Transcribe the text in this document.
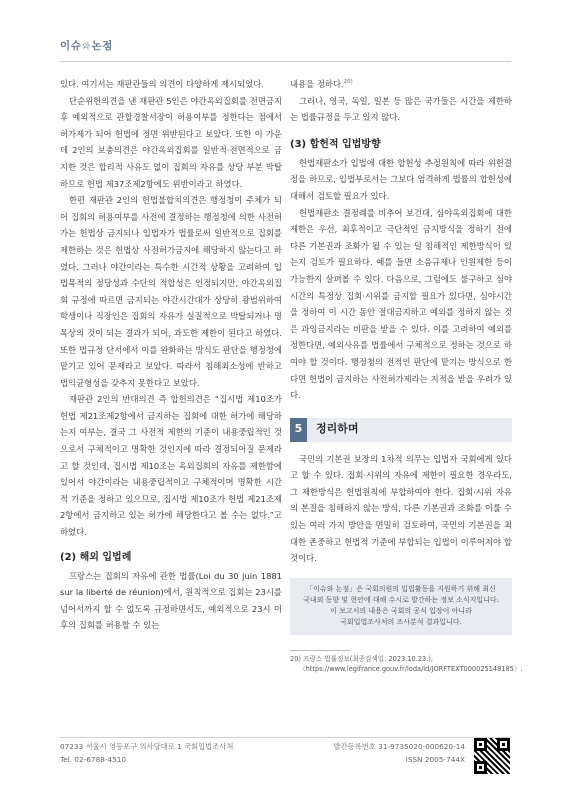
이슈와논점

있다. 여기서는 재판관들의 의견이 다양하게 제시되었다.

단순위헌의견을 낸 재판관 5인은 야간옥외집회를 전면금지 후 예외적으로 관할경찰서장이 허용여부를 정한다는 점에서 허가제가 되어 헌법에 정면 위반된다고 보았다. 또한 이 가운데 2인의 보충의견은 야간옥외집회를 일반적·전면적으로 금지한 것은 합리적 사유도 없이 집회의 자유를 상당 부분 박탈하므로 헌법 제37조제2항에도 위반이라고 하였다.

한편 재판관 2인의 헌법불합치의견은 행정청이 주체가 되어 집회의 허용여부를 사전에 결정하는 행정청에 의한 사전허가는 헌법상 금지되나 입법자가 법률로써 일반적으로 집회를 제한하는 것은 헌법상 사전허가금지에 해당하지 않는다고 하였다. 그러나 야간이라는 특수한 시간적 상황을 고려하여 입법목적의 정당성과 수단의 적합성은 인정되지만, 야간옥외집회 규정에 따르면 금지되는 야간시간대가 상당히 광범위하여 학생이나 직장인은 집회의 자유가 실질적으로 박탈되거나 명목상의 것이 되는 결과가 되어, 과도한 제한이 된다고 하였다. 또한 법규정 단서에서 이를 완화하는 방식도 판단을 행정청에 맡기고 있어 문제라고 보았다. 따라서 침해최소성에 반하고 법익균형성을 갖추지 못한다고 보았다.

재판관 2인의 반대의견 즉 합헌의견은 “집시법 제10조가 헌법 제21조제2항에서 금지하는 집회에 대한 허가에 해당하는지 여부는, 결국 그 사전적 제한의 기준이 내용중립적인 것으로서 구체적이고 명확한 것인지에 따라 결정되어질 문제라고 할 것인데, 집시법 제10조는 옥외집회의 자유를 제한함에 있어서 야간이라는 내용중립적이고 구체적이며 명확한 시간적 기준을 정하고 있으므로, 집시법 제10조가 헌법 제21조제2항에서 금지하고 있는 허가에 해당한다고 볼 수는 없다.”고 하였다.

(2) 해외 입법례

프랑스는 집회의 자유에 관한 법률(Loi du 30 juin 1881 sur la liberté de réunion)에서, 원칙적으로 집회는 23시를 넘어서까지 할 수 없도록 규정하면서도, 예외적으로 23시 이후의 집회를 허용할 수 있는

내용을 정하다.$^{20)}$

그러나, 영국, 독일, 일본 등 많은 국가들은 시간을 제한하는 법률규정을 두고 있지 않다.

(3) 합헌적 입법방향

헌법재판소가 입법에 대한 합헌성 추정원칙에 따라 위헌결정을 하므로, 입법부로서는 그보다 엄격하게 법률의 합헌성에 대해서 검토할 필요가 있다.

헌법재판소 결정례를 비추어 보건대, 심야옥외집회에 대한 제한은 우선, 최후적이고 극단적인 금지방식을 정하기 전에 다른 기본권과 조화가 될 수 있는 덜 침해적인 제한방식이 있는지 검토가 필요하다. 예를 들면 소음규제나 인원제한 등이 가능한지 살펴볼 수 있다. 다음으로, 그럼에도 불구하고 심야시간의 특정상 집회·시위를 금지할 필요가 있다면, 심야시간을 정하여 이 시간 동안 절대금지하고 예외를 정하지 않는 것은 과잉금지라는 비판을 받을 수 있다. 이를 고려하여 예외를 정한다면, 예외사유를 법률에서 구체적으로 정하는 것으로 하여야 할 것이다. 행정청의 전적인 판단에 맡기는 방식으로 한다면 헌법이 금지하는 사전허가제라는 지적을 받을 우려가 있다.

5	정리하며

국민의 기본권 보장의 1차적 의무는 입법자 국회에게 있다고 할 수 있다. 집회·시위의 자유에 제한이 필요한 경우라도, 그 제한방식은 헌법원칙에 부합하여야 한다. 집회·시위 자유의 본질을 침해하지 않는 방식, 다른 기본권과 조화를 이룰 수 있는 여러 가지 방안을 면밀히 검토하여, 국민의 기본권을 최대한 존중하고 헌법적 기준에 부합되는 입법이 이루어져야 할 것이다.

「이슈와 논점」은 국회의원의 입법활동을 지원하기 위해 최신
국내외 동향 및 현안에 대해 수시로 발간하는 정보 소식지입니다.
이 보고서의 내용은 국회의 공식 입장이 아니라
국회입법조사처의 조사분석 결과입니다.

20) 프랑스 법률정보(최종검색일: 2023.10.23.),
〈https://www.legifrance.gouv.fr/loda/id/JORFTEXT000025148185〉.

07233 서울시 영등포구 의사당대로 1 국회입법조사처
Tel. 02-6788-4510
발간등록번호 31-9735020-000620-14
ISSN 2005-744X
